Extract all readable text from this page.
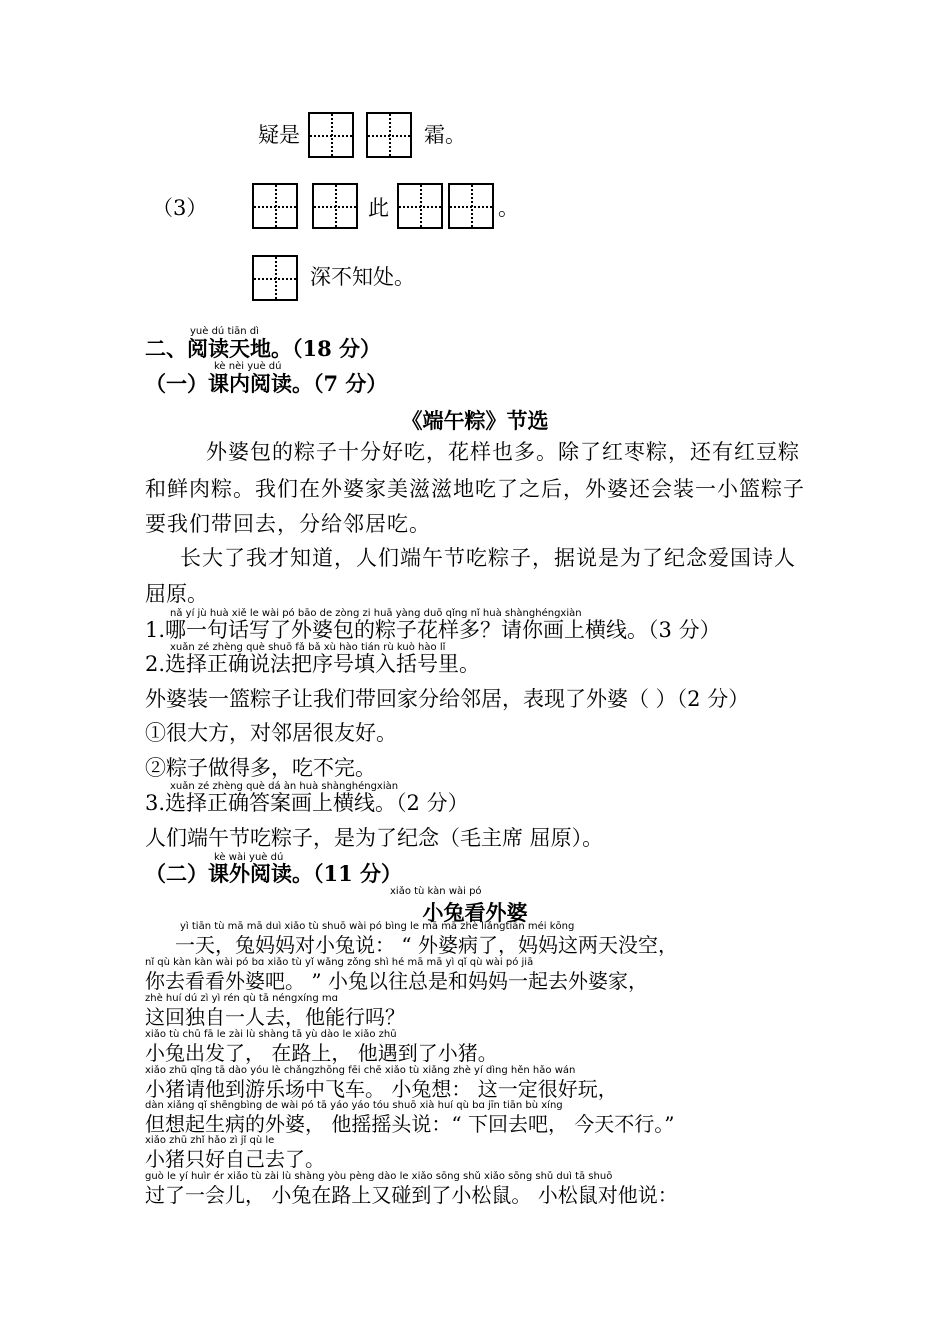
疑是	霜。
（3）	此	。
深不知处。
yuè dú tiān dì
二、阅读天地。（18 分）
kè nèi yuè dú
（一）课内阅读。（7 分）
《端午粽》节选
外婆包的粽子十分好吃，花样也多。除了红枣粽，还有红豆粽
和鲜肉粽。我们在外婆家美滋滋地吃了之后，外婆还会装一小篮粽子
要我们带回去，分给邻居吃。
长大了我才知道，人们端午节吃粽子，据说是为了纪念爱国诗人
屈原。
nǎ yí jù huà xiě le wài pó bāo de zòng zi huā yàng duō qǐng nǐ huà shànghéngxiàn
1.哪一句话写了外婆包的粽子花样多？请你画上横线。（3 分）
xuǎn zé zhèng què shuō fǎ bǎ xù hào tián rù kuò hào lǐ
2.选择正确说法把序号填入括号里。
外婆装一篮粽子让我们带回家分给邻居，表现了外婆（ ）（2 分）
①很大方，对邻居很友好。
②粽子做得多，吃不完。
xuǎn zé zhèng què dá àn huà shànghéngxiàn
3.选择正确答案画上横线。（2 分）
人们端午节吃粽子，是为了纪念（毛主席 屈原）。
kè wài yuè dú
（二）课外阅读。（11 分）
xiǎo tù kàn wài pó
小兔看外婆
yì tiān tù mā mā duì xiǎo tù shuō wài pó bìng le mā mā zhè liǎngtiān méi kōng
一天，兔妈妈对小兔说： “ 外婆病了，妈妈这两天没空，
nǐ qù kàn kàn wài pó bɑ xiǎo tù yǐ wǎng zǒng shì hé mā mā yì qǐ qù wài pó jiā
你去看看外婆吧。 ” 小兔以往总是和妈妈一起去外婆家，
zhè huí dú zì yì rén qù tā néngxíng mɑ
这回独自一人去，他能行吗？
xiǎo tù chū fā le zài lù shàng tā yù dào le xiǎo zhū
小兔出发了， 在路上， 他遇到了小猪。
xiǎo zhū qǐng tā dào yóu lè chǎngzhōng fēi chē xiǎo tù xiǎng zhè yí dìng hěn hǎo wán
小猪请他到游乐场中飞车。 小兔想： 这一定很好玩，
dàn xiǎng qǐ shēngbìng de wài pó tā yáo yáo tóu shuō xià huí qù bɑ jīn tiān bù xíng
但想起生病的外婆， 他摇摇头说：“ 下回去吧， 今天不行。”
xiǎo zhū zhǐ hǎo zì jǐ qù le
小猪只好自己去了。
guò le yí huìr ér xiǎo tù zài lù shàng yòu pèng dào le xiǎo sōng shǔ xiǎo sōng shǔ duì tā shuō
过了一会儿， 小兔在路上又碰到了小松鼠。 小松鼠对他说：
